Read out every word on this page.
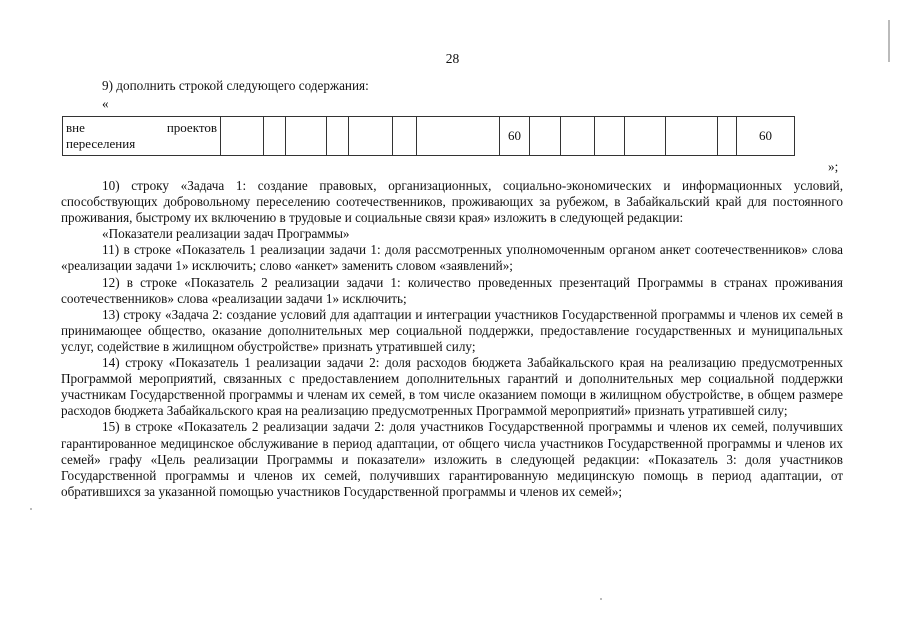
28
9) дополнить строкой следующего содержания:
«
вне	проектов
переселения
								60							60
»;

10) строку «Задача 1: создание правовых, организационных, социально-экономических и информационных условий, способствующих добровольному переселению соотечественников, проживающих за рубежом, в Забайкальский край для постоянного проживания, быстрому их включению в трудовые и социальные связи края» изложить в следующей редакции:

«Показатели реализации задач Программы»

11) в строке «Показатель 1 реализации задачи 1: доля рассмотренных уполномоченным органом анкет соотечественников» слова «реализации задачи 1» исключить; слово «анкет» заменить словом «заявлений»;

12) в строке «Показатель 2 реализации задачи 1: количество проведенных презентаций Программы в странах проживания соотечественников» слова «реализации задачи 1» исключить;

13) строку «Задача 2: создание условий для адаптации и интеграции участников Государственной программы и членов их семей в принимающее общество, оказание дополнительных мер социальной поддержки, предоставление государственных и муниципальных услуг, содействие в жилищном обустройстве» признать утратившей силу;

14) строку «Показатель 1 реализации задачи 2: доля расходов бюджета Забайкальского края на реализацию предусмотренных Программой мероприятий, связанных с предоставлением дополнительных гарантий и дополнительных мер социальной поддержки участникам Государственной программы и членам их семей, в том числе оказанием помощи в жилищном обустройстве, в общем размере расходов бюджета Забайкальского края на реализацию предусмотренных Программой мероприятий» признать утратившей силу;

15) в строке «Показатель 2 реализации задачи 2: доля участников Государственной программы и членов их семей, получивших гарантированное медицинское обслуживание в период адаптации, от общего числа участников Государственной программы и членов их семей» графу «Цель реализации Программы и показатели» изложить в следующей редакции: «Показатель 3: доля участников Государственной программы и членов их семей, получивших гарантированную медицинскую помощь в период адаптации, от обратившихся за указанной помощью участников Государственной программы и членов их семей»;
